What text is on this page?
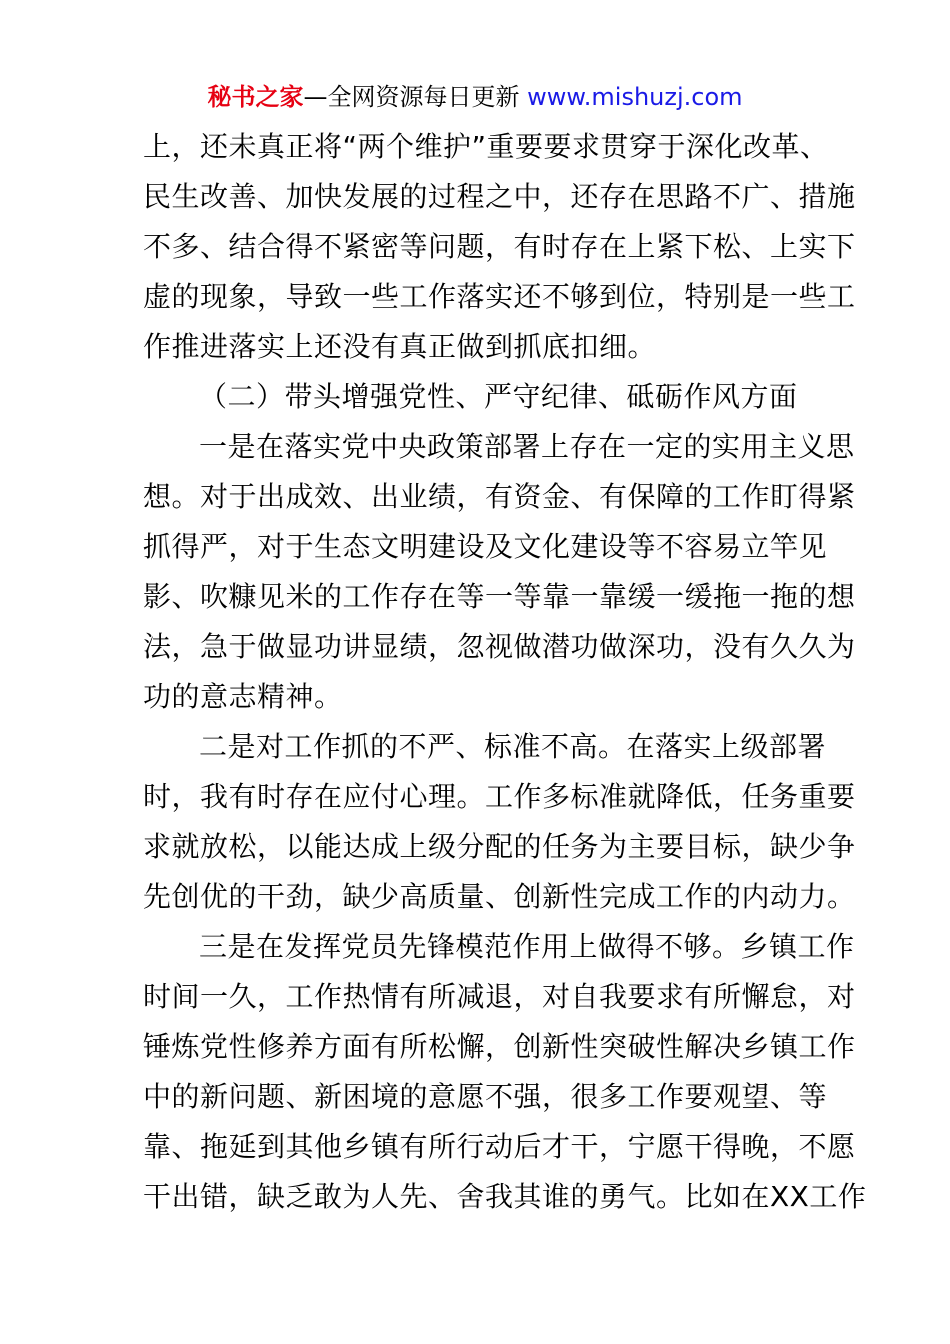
秘书之家—全网资源每日更新 www.mishuzj.com
上，还未真正将“两个维护”重要要求贯穿于深化改革、
民生改善、加快发展的过程之中，还存在思路不广、措施
不多、结合得不紧密等问题，有时存在上紧下松、上实下
虚的现象，导致一些工作落实还不够到位，特别是一些工
作推进落实上还没有真正做到抓底扣细。
（二）带头增强党性、严守纪律、砥砺作风方面
一是在落实党中央政策部署上存在一定的实用主义思
想。对于出成效、出业绩，有资金、有保障的工作盯得紧
抓得严，对于生态文明建设及文化建设等不容易立竿见
影、吹糠见米的工作存在等一等靠一靠缓一缓拖一拖的想
法，急于做显功讲显绩，忽视做潜功做深功，没有久久为
功的意志精神。
二是对工作抓的不严、标准不高。在落实上级部署
时，我有时存在应付心理。工作多标准就降低，任务重要
求就放松，以能达成上级分配的任务为主要目标，缺少争
先创优的干劲，缺少高质量、创新性完成工作的内动力。
三是在发挥党员先锋模范作用上做得不够。乡镇工作
时间一久，工作热情有所减退，对自我要求有所懈怠，对
锤炼党性修养方面有所松懈，创新性突破性解决乡镇工作
中的新问题、新困境的意愿不强，很多工作要观望、等
靠、拖延到其他乡镇有所行动后才干，宁愿干得晚，不愿
干出错，缺乏敢为人先、舍我其谁的勇气。比如在XX工作
